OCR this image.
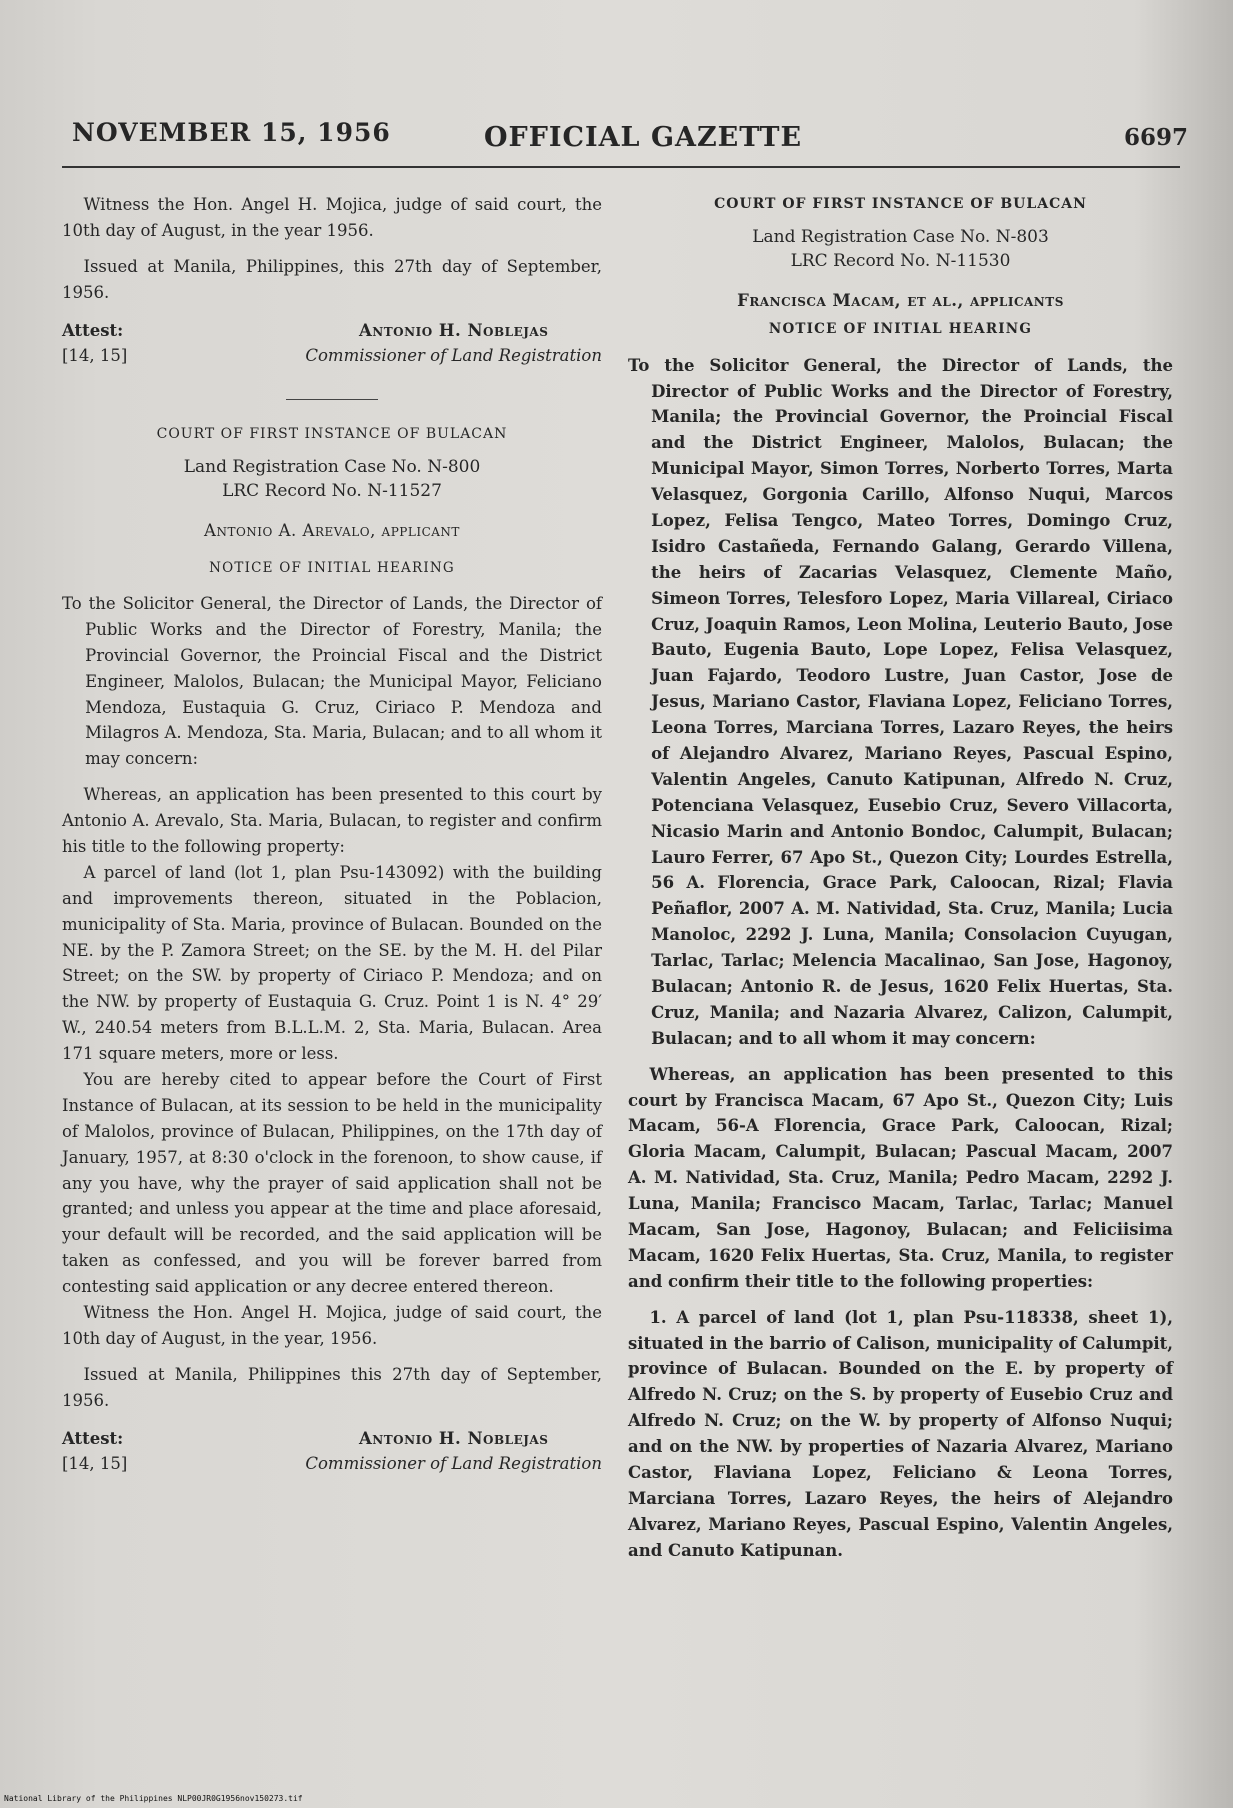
NOVEMBER 15, 1956	OFFICIAL GAZETTE	6697

Witness the Hon. Angel H. Mojica, judge of said court, the 10th day of August, in the year 1956.

Issued at Manila, Philippines, this 27th day of September, 1956.

Attest:
[14, 15]
Antonio H. Noblejas
Commissioner of Land Registration
COURT OF FIRST INSTANCE OF BULACAN
Land Registration Case No. N-800
LRC Record No. N-11527
Antonio A. Arevalo, applicant
NOTICE OF INITIAL HEARING

To the Solicitor General, the Director of Lands, the Director of Public Works and the Director of Forestry, Manila; the Provincial Governor, the Proincial Fiscal and the District Engineer, Malolos, Bulacan; the Municipal Mayor, Feliciano Mendoza, Eustaquia G. Cruz, Ciriaco P. Mendoza and Milagros A. Mendoza, Sta. Maria, Bulacan; and to all whom it may concern:

Whereas, an application has been presented to this court by Antonio A. Arevalo, Sta. Maria, Bulacan, to register and confirm his title to the following property:

A parcel of land (lot 1, plan Psu-143092) with the building and improvements thereon, situated in the Poblacion, municipality of Sta. Maria, province of Bulacan. Bounded on the NE. by the P. Zamora Street; on the SE. by the M. H. del Pilar Street; on the SW. by property of Ciriaco P. Mendoza; and on the NW. by property of Eustaquia G. Cruz. Point 1 is N. 4° 29′ W., 240.54 meters from B.L.L.M. 2, Sta. Maria, Bulacan. Area 171 square meters, more or less.

You are hereby cited to appear before the Court of First Instance of Bulacan, at its session to be held in the municipality of Malolos, province of Bulacan, Philippines, on the 17th day of January, 1957, at 8:30 o'clock in the forenoon, to show cause, if any you have, why the prayer of said application shall not be granted; and unless you appear at the time and place aforesaid, your default will be recorded, and the said application will be taken as confessed, and you will be forever barred from contesting said application or any decree entered thereon.

Witness the Hon. Angel H. Mojica, judge of said court, the 10th day of August, in the year, 1956.

Issued at Manila, Philippines this 27th day of September, 1956.

Attest:
[14, 15]
Antonio H. Noblejas
Commissioner of Land Registration
COURT OF FIRST INSTANCE OF BULACAN
Land Registration Case No. N-803
LRC Record No. N-11530
Francisca Macam, et al., applicants
NOTICE OF INITIAL HEARING

To the Solicitor General, the Director of Lands, the Director of Public Works and the Director of Forestry, Manila; the Provincial Governor, the Proincial Fiscal and the District Engineer, Malolos, Bulacan; the Municipal Mayor, Simon Torres, Norberto Torres, Marta Velasquez, Gorgonia Carillo, Alfonso Nuqui, Marcos Lopez, Felisa Tengco, Mateo Torres, Domingo Cruz, Isidro Castañeda, Fernando Galang, Gerardo Villena, the heirs of Zacarias Velasquez, Clemente Maño, Simeon Torres, Telesforo Lopez, Maria Villareal, Ciriaco Cruz, Joaquin Ramos, Leon Molina, Leuterio Bauto, Jose Bauto, Eugenia Bauto, Lope Lopez, Felisa Velasquez, Juan Fajardo, Teodoro Lustre, Juan Castor, Jose de Jesus, Mariano Castor, Flaviana Lopez, Feliciano Torres, Leona Torres, Marciana Torres, Lazaro Reyes, the heirs of Alejandro Alvarez, Mariano Reyes, Pascual Espino, Valentin Angeles, Canuto Katipunan, Alfredo N. Cruz, Potenciana Velasquez, Eusebio Cruz, Severo Villacorta, Nicasio Marin and Antonio Bondoc, Calumpit, Bulacan; Lauro Ferrer, 67 Apo St., Quezon City; Lourdes Estrella, 56 A. Florencia, Grace Park, Caloocan, Rizal; Flavia Peñaflor, 2007 A. M. Natividad, Sta. Cruz, Manila; Lucia Manoloc, 2292 J. Luna, Manila; Consolacion Cuyugan, Tarlac, Tarlac; Melencia Macalinao, San Jose, Hagonoy, Bulacan; Antonio R. de Jesus, 1620 Felix Huertas, Sta. Cruz, Manila; and Nazaria Alvarez, Calizon, Calumpit, Bulacan; and to all whom it may concern:

Whereas, an application has been presented to this court by Francisca Macam, 67 Apo St., Quezon City; Luis Macam, 56-A Florencia, Grace Park, Caloocan, Rizal; Gloria Macam, Calumpit, Bulacan; Pascual Macam, 2007 A. M. Natividad, Sta. Cruz, Manila; Pedro Macam, 2292 J. Luna, Manila; Francisco Macam, Tarlac, Tarlac; Manuel Macam, San Jose, Hagonoy, Bulacan; and Feliciisima Macam, 1620 Felix Huertas, Sta. Cruz, Manila, to register and confirm their title to the following properties:

1. A parcel of land (lot 1, plan Psu-118338, sheet 1), situated in the barrio of Calison, municipality of Calumpit, province of Bulacan. Bounded on the E. by property of Alfredo N. Cruz; on the S. by property of Eusebio Cruz and Alfredo N. Cruz; on the W. by property of Alfonso Nuqui; and on the NW. by properties of Nazaria Alvarez, Mariano Castor, Flaviana Lopez, Feliciano & Leona Torres, Marciana Torres, Lazaro Reyes, the heirs of Alejandro Alvarez, Mariano Reyes, Pascual Espino, Valentin Angeles, and Canuto Katipunan.

National Library of the Philippines NLP00JR0G1956nov150273.tif
